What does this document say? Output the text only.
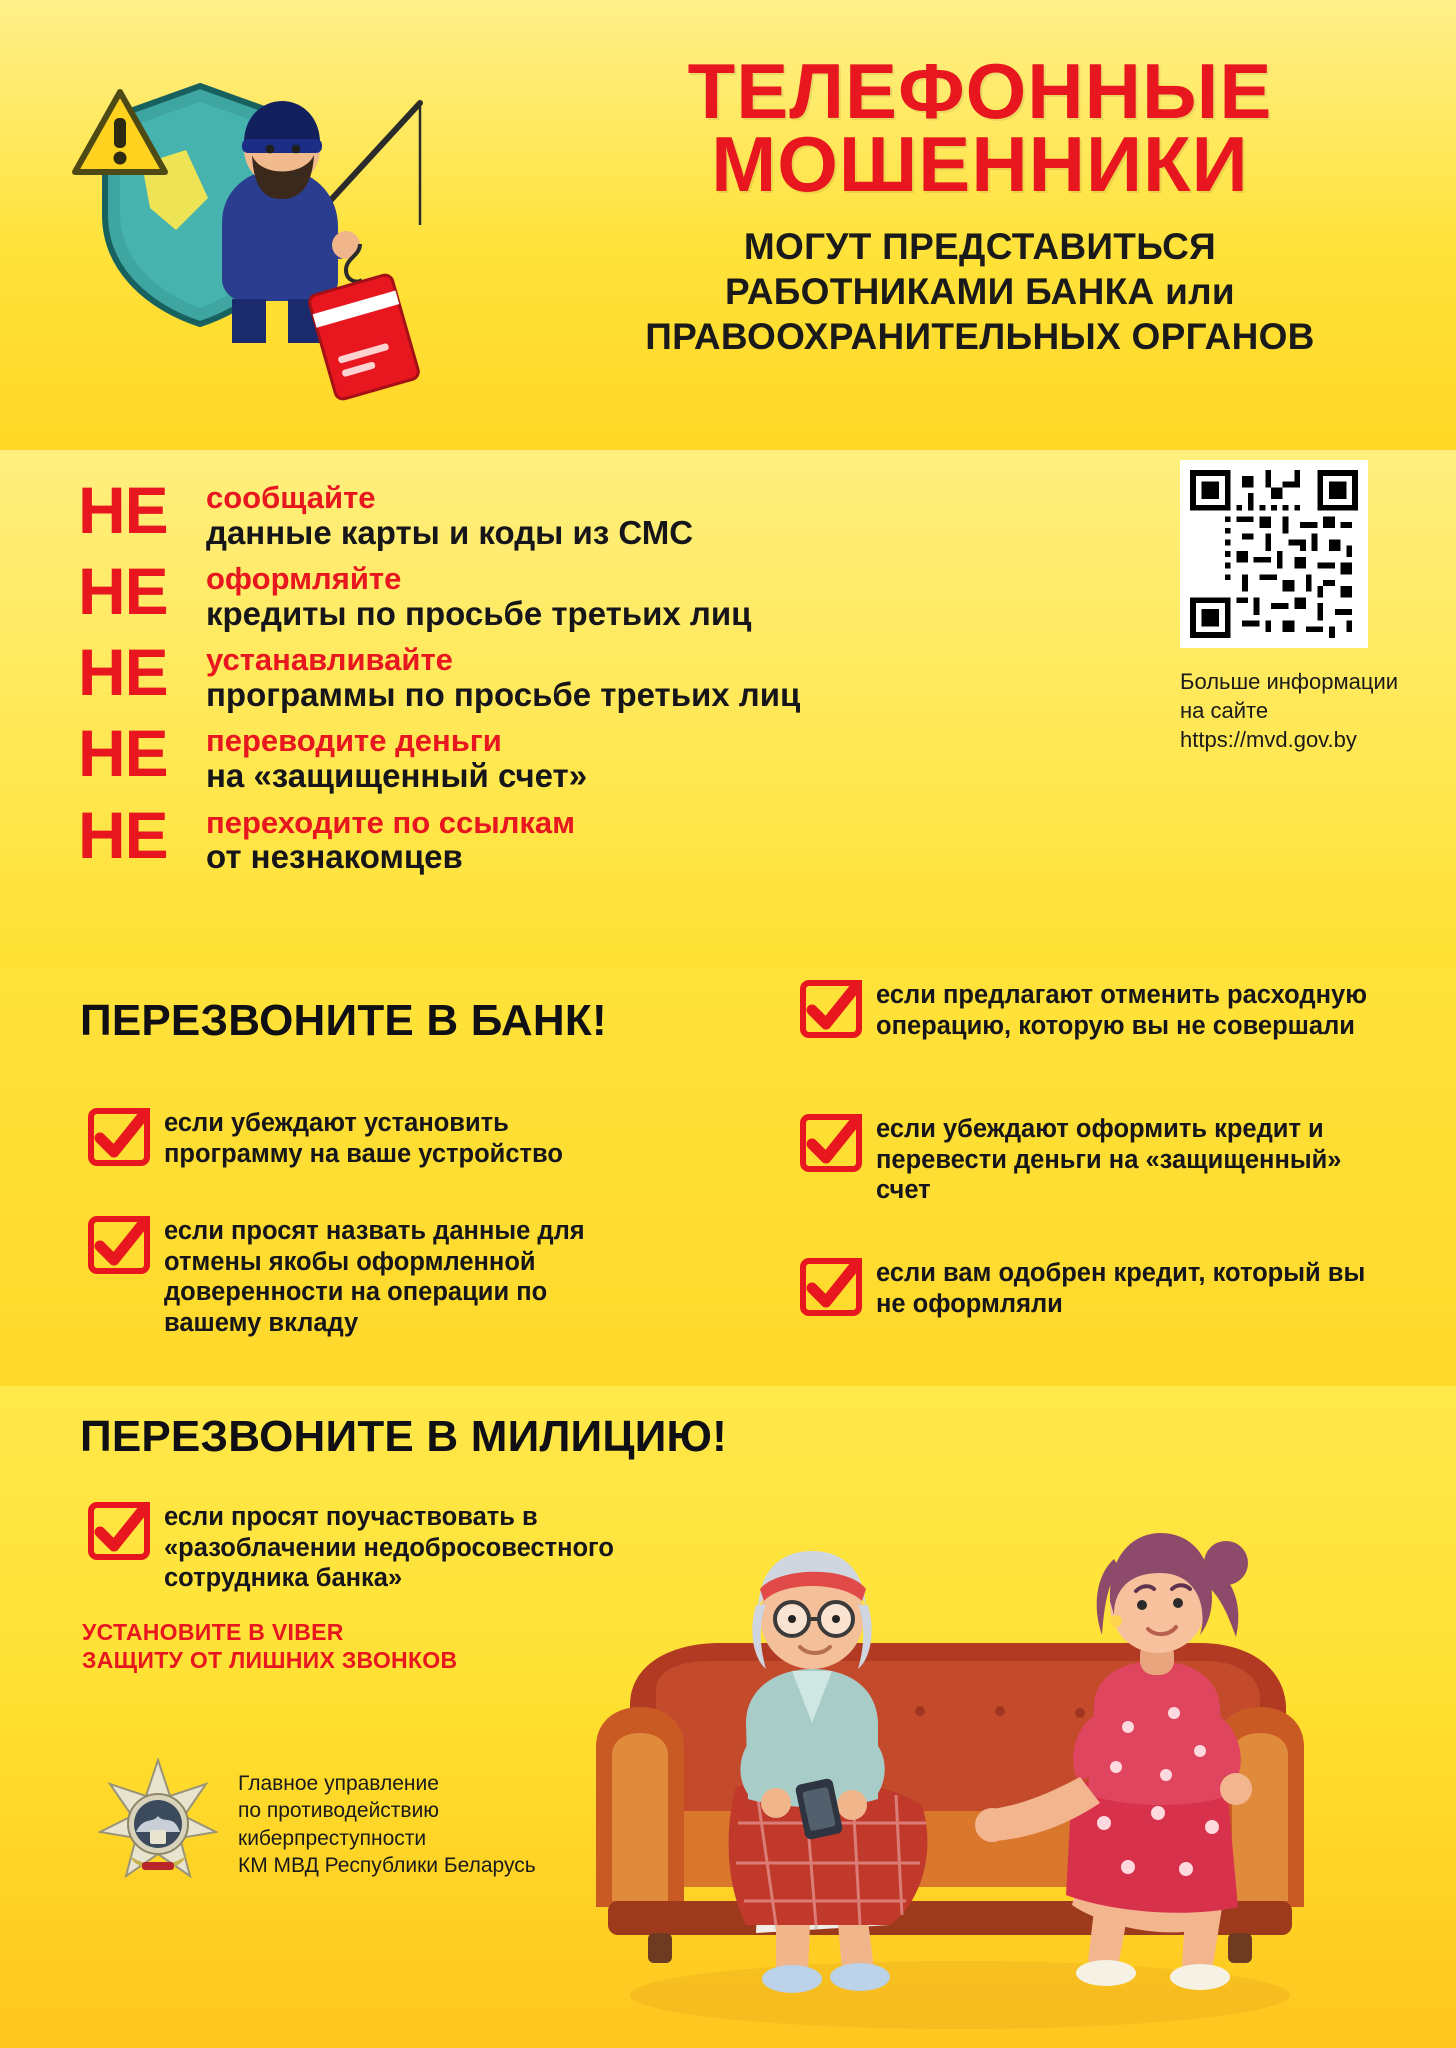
ТЕЛЕФОННЫЕ
МОШЕННИКИ
МОГУТ ПРЕДСТАВИТЬСЯ
РАБОТНИКАМИ БАНКА или
ПРАВООХРАНИТЕЛЬНЫХ ОРГАНОВ
НЕ	сообщайте
данные карты и коды из СМС
НЕ	оформляйте
кредиты по просьбе третьих лиц
НЕ	устанавливайте
программы по просьбе третьих лиц
НЕ	переводите деньги
на «защищенный счет»
НЕ	переходите по ссылкам
от незнакомцев
Больше информации
на сайте
https://mvd.gov.by
ПЕРЕЗВОНИТЕ В БАНК!
если предлагают отменить расходную операцию, которую вы не совершали
если убеждают установить программу на ваше устройство
если убеждают оформить кредит и перевести деньги на «защищенный» счет
если просят назвать данные для отмены якобы оформленной доверенности на операции по вашему вкладу
если вам одобрен кредит, который вы не оформляли
ПЕРЕЗВОНИТЕ В МИЛИЦИЮ!
если просят поучаствовать в «разоблачении недобросовестного сотрудника банка»
УСТАНОВИТЕ В VIBER
ЗАЩИТУ ОТ ЛИШНИХ ЗВОНКОВ
Главное управление
по противодействию
киберпреступности
КМ МВД Республики Беларусь
